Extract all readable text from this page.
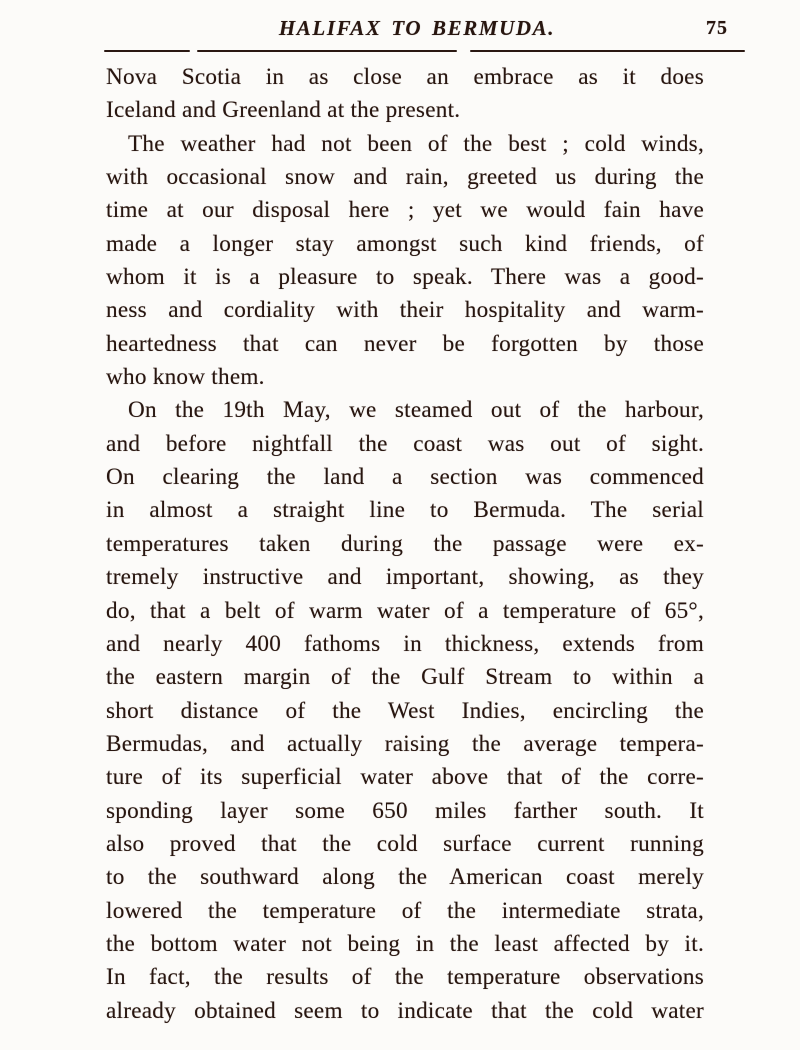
HALIFAX TO BERMUDA.	75
Nova Scotia in as close an embrace as it does
Iceland and Greenland at the present.
The weather had not been of the best ; cold winds,
with occasional snow and rain, greeted us during the
time at our disposal here ; yet we would fain have
made a longer stay amongst such kind friends, of
whom it is a pleasure to speak. There was a good-
ness and cordiality with their hospitality and warm-
heartedness that can never be forgotten by those
who know them.
On the 19th May, we steamed out of the harbour,
and before nightfall the coast was out of sight.
On clearing the land a section was commenced
in almost a straight line to Bermuda. The serial
temperatures taken during the passage were ex-
tremely instructive and important, showing, as they
do, that a belt of warm water of a temperature of 65°,
and nearly 400 fathoms in thickness, extends from
the eastern margin of the Gulf Stream to within a
short distance of the West Indies, encircling the
Bermudas, and actually raising the average tempera-
ture of its superficial water above that of the corre-
sponding layer some 650 miles farther south. It
also proved that the cold surface current running
to the southward along the American coast merely
lowered the temperature of the intermediate strata,
the bottom water not being in the least affected by it.
In fact, the results of the temperature observations
already obtained seem to indicate that the cold water
